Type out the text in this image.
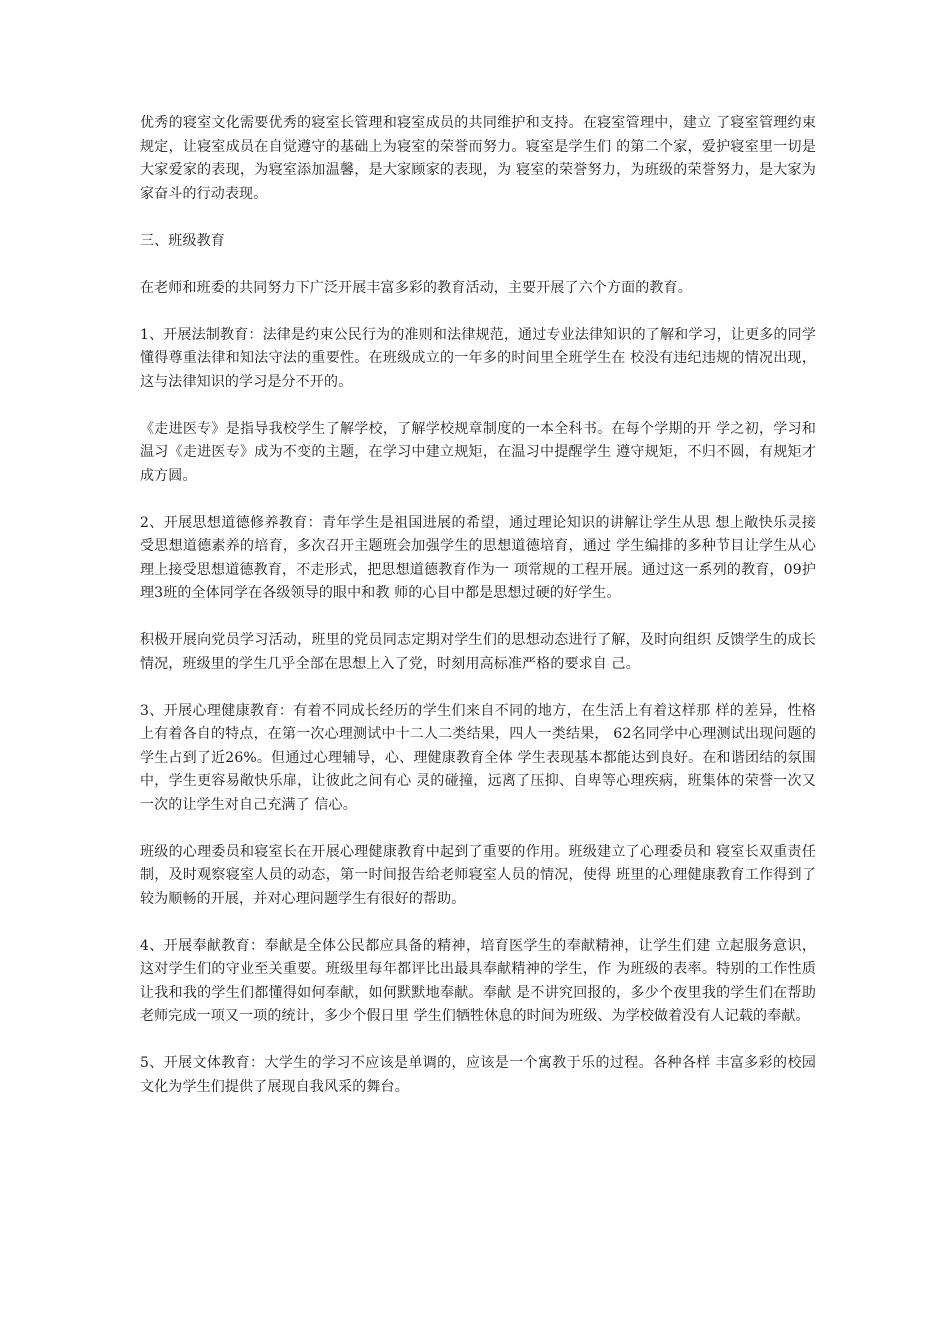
优秀的寝室文化需要优秀的寝室长管理和寝室成员的共同维护和支持。在寝室管理中，建立 了寝室管理约束规定，让寝室成员在自觉遵守的基础上为寝室的荣誉而努力。寝室是学生们 的第二个家，爱护寝室里一切是大家爱家的表现，为寝室添加温馨，是大家顾家的表现，为 寝室的荣誉努力，为班级的荣誉努力，是大家为家奋斗的行动表现。

三、班级教育

在老师和班委的共同努力下广泛开展丰富多彩的教育活动，主要开展了六个方面的教育。

1、开展法制教育：法律是约束公民行为的准则和法律规范，通过专业法律知识的了解和学习，让更多的同学懂得尊重法律和知法守法的重要性。在班级成立的一年多的时间里全班学生在 校没有违纪违规的情况出现，这与法律知识的学习是分不开的。

《走进医专》是指导我校学生了解学校，了解学校规章制度的一本全科书。在每个学期的开 学之初，学习和温习《走进医专》成为不变的主题，在学习中建立规矩，在温习中提醒学生 遵守规矩，不归不圆，有规矩才成方圆。

2、开展思想道德修养教育：青年学生是祖国进展的希望，通过理论知识的讲解让学生从思 想上敞快乐灵接受思想道德素养的培育，多次召开主题班会加强学生的思想道德培育，通过 学生编排的多种节目让学生从心理上接受思想道德教育，不走形式，把思想道德教育作为一 项常规的工程开展。通过这一系列的教育，09护理3班的全体同学在各级领导的眼中和教 师的心目中都是思想过硬的好学生。

积极开展向党员学习活动，班里的党员同志定期对学生们的思想动态进行了解，及时向组织 反馈学生的成长情况，班级里的学生几乎全部在思想上入了党，时刻用高标准严格的要求自 己。

3、开展心理健康教育：有着不同成长经历的学生们来自不同的地方，在生活上有着这样那 样的差异，性格上有着各自的特点，在第一次心理测试中十二人二类结果，四人一类结果， 62名同学中心理测试出现问题的学生占到了近26%。但通过心理辅导，心、理健康教育全体 学生表现基本都能达到良好。在和谐团结的氛围中，学生更容易敞快乐扉，让彼此之间有心 灵的碰撞，远离了压抑、自卑等心理疾病，班集体的荣誉一次又一次的让学生对自己充满了 信心。

班级的心理委员和寝室长在开展心理健康教育中起到了重要的作用。班级建立了心理委员和 寝室长双重责任制，及时观察寝室人员的动态，第一时间报告给老师寝室人员的情况，使得 班里的心理健康教育工作得到了较为顺畅的开展，并对心理问题学生有很好的帮助。

4、开展奉献教育：奉献是全体公民都应具备的精神，培育医学生的奉献精神，让学生们建 立起服务意识，这对学生们的守业至关重要。班级里每年都评比出最具奉献精神的学生，作 为班级的表率。特别的工作性质让我和我的学生们都懂得如何奉献，如何默默地奉献。奉献 是不讲究回报的，多少个夜里我的学生们在帮助老师完成一项又一项的统计，多少个假日里 学生们牺牲休息的时间为班级、为学校做着没有人记载的奉献。

5、开展文体教育：大学生的学习不应该是单调的，应该是一个寓教于乐的过程。各种各样 丰富多彩的校园文化为学生们提供了展现自我风采的舞台。
